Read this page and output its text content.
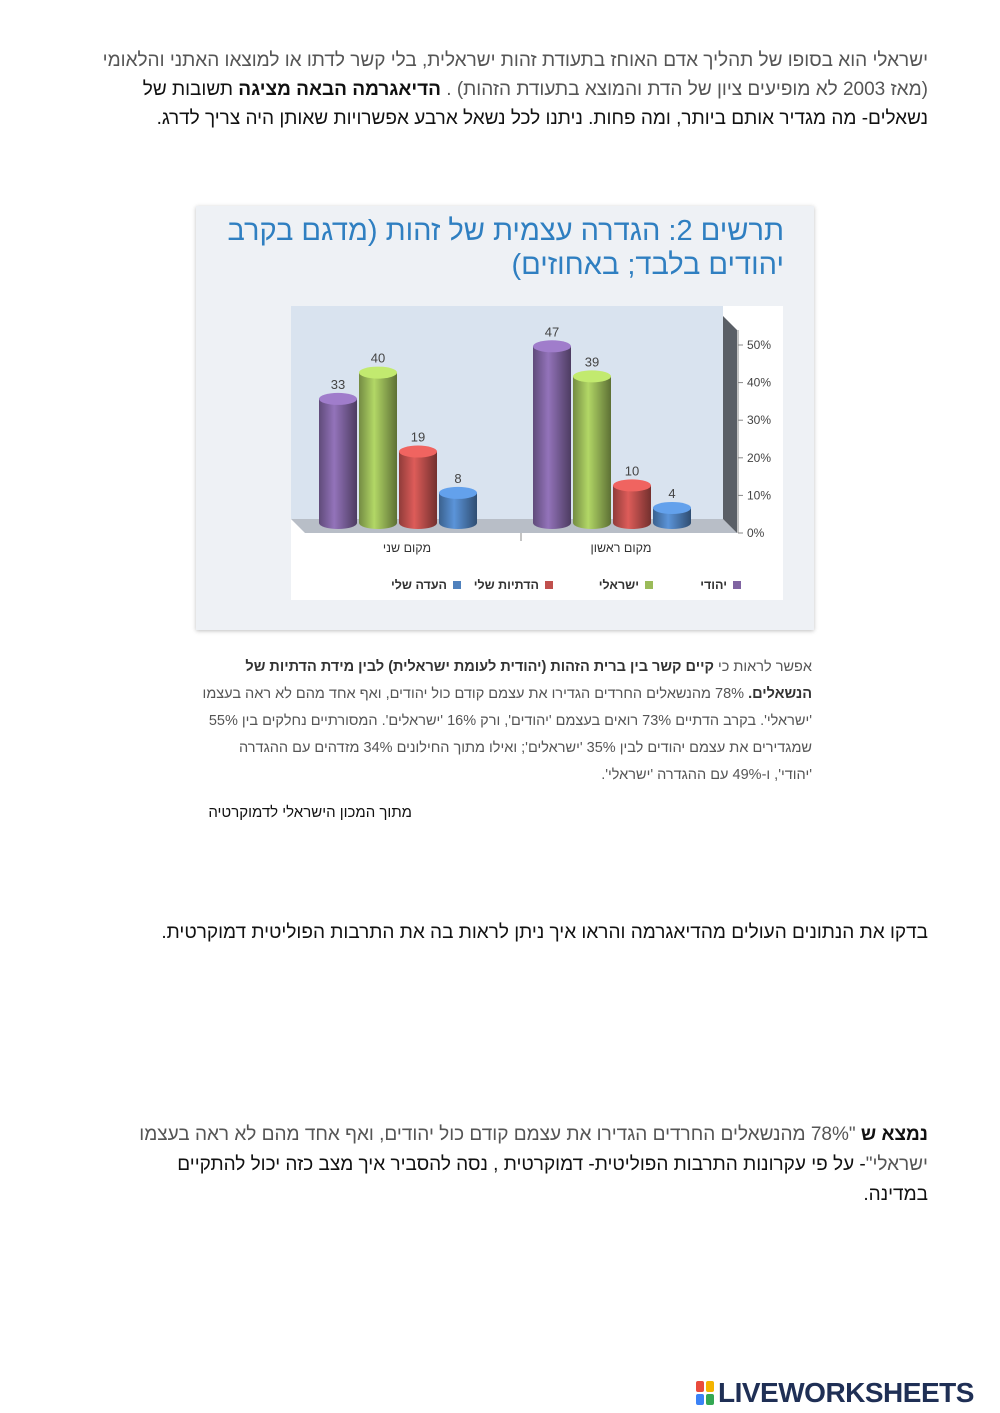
ישראלי הוא בסופו של תהליך אדם האוחז בתעודת זהות ישראלית, בלי קשר לדתו או למוצאו האתני והלאומי (מאז 2003 לא מופיעים ציון של הדת והמוצא בתעודת הזהות) . הדיאגרמה הבאה מציגה תשובות של נשאלים- מה מגדיר אותם ביותר, ומה פחות. ניתנו לכל נשאל ארבע אפשרויות שאותן היה צריך לדרג.
תרשים 2: הגדרה עצמית של זהות (מדגם בקרב יהודים בלבד; באחוזים)
0%
10%
20%
30%
40%
50%
33
40
19
8
47
39
10
4
מקום שני	מקום ראשון
יהודי
ישראלי
הדתיות שלי
העדה שלי
אפשר לראות כי קיים קשר בין ברית הזהות (יהודית לעומת ישראלית) לבין מידת הדתיות של הנשאלים. 78% מהנשאלים החרדים הגדירו את עצמם קודם כול יהודים, ואף אחד מהם לא ראה בעצמו 'ישראלי'. בקרב הדתיים 73% רואים בעצמם 'יהודים', ורק 16% 'ישראלים'. המסורתיים נחלקים בין 55% שמגדירים את עצמם יהודים לבין 35% 'ישראלים'; ואילו מתוך החילונים 34% מזדהים עם ההגדרה 'יהודי', ו-49% עם ההגדרה 'ישראלי'.
מתוך המכון הישראלי לדמוקרטיה
בדקו את הנתונים העולים מהדיאגרמה והראו איך ניתן לראות בה את התרבות הפוליטית דמוקרטית.
נמצא ש "78% מהנשאלים החרדים הגדירו את עצמם קודם כול יהודים, ואף אחד מהם לא ראה בעצמו ישראלי"- על פי עקרונות התרבות הפוליטית- דמוקרטית , נסה להסביר איך מצב כזה יכול להתקיים במדינה.
LIVEWORKSHEETS
